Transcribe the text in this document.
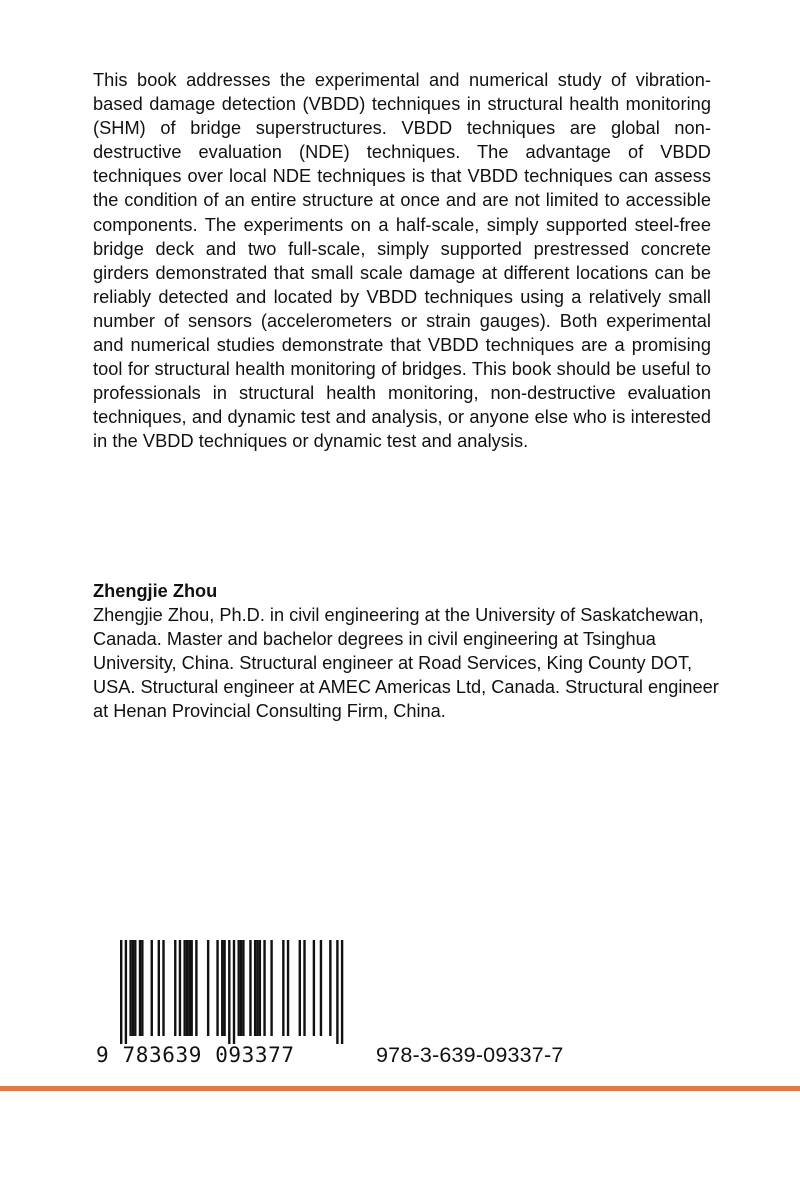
This book addresses the experimental and numerical study of vibration-based damage detection (VBDD) techniques in structural health monitoring (SHM) of bridge superstructures. VBDD techniques are global non-destructive evaluation (NDE) techniques. The advantage of VBDD techniques over local NDE techniques is that VBDD techniques can assess the condition of an entire structure at once and are not limited to accessible components. The experiments on a half-scale, simply supported steel-free bridge deck and two full-scale, simply supported prestressed concrete girders demonstrated that small scale damage at different locations can be reliably detected and located by VBDD techniques using a relatively small number of sensors (accelerometers or strain gauges). Both experimental and numerical studies demonstrate that VBDD techniques are a promising tool for structural health monitoring of bridges. This book should be useful to professionals in structural health monitoring, non-destructive evaluation techniques, and dynamic test and analysis, or anyone else who is interested in the VBDD techniques or dynamic test and analysis.

Zhengjie Zhou

Zhengjie Zhou, Ph.D. in civil engineering at the University of Saskatchewan, Canada. Master and bachelor degrees in civil engineering at Tsinghua University, China. Structural engineer at Road Services, King County DOT, USA. Structural engineer at AMEC Americas Ltd, Canada. Structural engineer at Henan Provincial Consulting Firm, China.

9 783639 093377	978-3-639-09337-7
